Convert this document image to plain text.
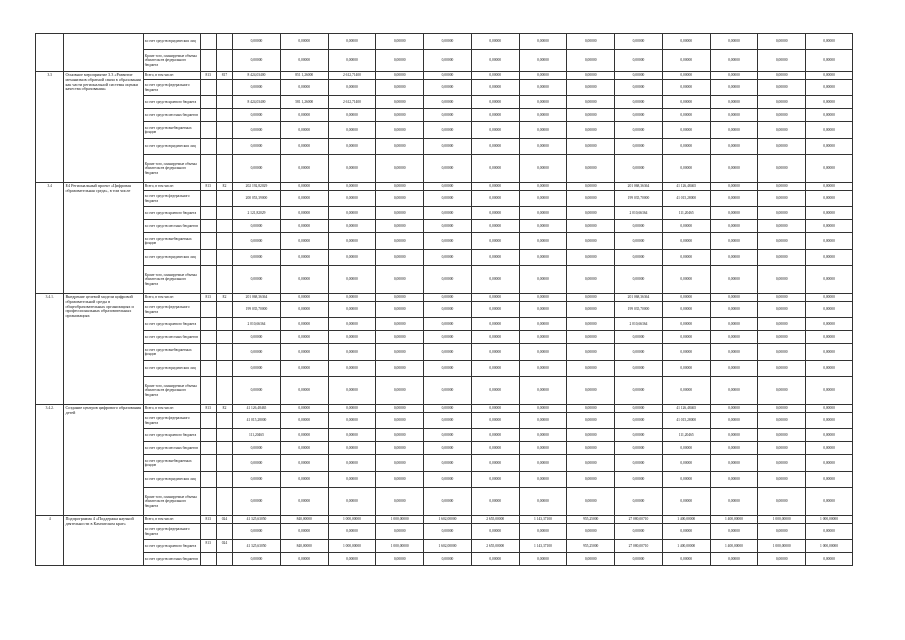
		за счет средств юридических лиц			0,00000	0,00000	0,00000	0,00000	0,00000	0,00000	0,00000	0,00000	0,00000	0,00000	0,00000	0,00000	0,00000
		Кроме того, планируемые объемы обязательств федерального бюджета			0,00000	0,00000	0,00000	0,00000	0,00000	0,00000	0,00000	0,00000	0,00000	0,00000	0,00000	0,00000	0,00000
3.3	Основное мероприятие 3.3 «Развитие механизмов обратной связи в образовании как части региональной системы оценки качества образования»	Всего, в том числе:	813	817	8 424,03400	851 1,26000	2 612,71400	0,00000	0,00000	0,00000	0,00000	0,00000	0,00000	0,00000	0,00000	0,00000	0,00000
		за счет средств федерального бюджета			0,00000	0,00000	0,00000	0,00000	0,00000	0,00000	0,00000	0,00000	0,00000	0,00000	0,00000	0,00000	0,00000
		за счет средств краевого бюджета			8 424,03400	581 1,26000	2 612,71400	0,00000	0,00000	0,00000	0,00000	0,00000	0,00000	0,00000	0,00000	0,00000	0,00000
		за счет средств местных бюджетов			0,00000	0,00000	0,00000	0,00000	0,00000	0,00000	0,00000	0,00000	0,00000	0,00000	0,00000	0,00000	0,00000
		за счет средств внебюджетных фондов			0,00000	0,00000	0,00000	0,00000	0,00000	0,00000	0,00000	0,00000	0,00000	0,00000	0,00000	0,00000	0,00000
		за счет средств юридических лиц			0,00000	0,00000	0,00000	0,00000	0,00000	0,00000	0,00000	0,00000	0,00000	0,00000	0,00000	0,00000	0,00000
		Кроме того, планируемые объемы обязательств федерального бюджета			0,00000	0,00000	0,00000	0,00000	0,00000	0,00000	0,00000	0,00000	0,00000	0,00000	0,00000	0,00000	0,00000
3.4	Е4 Региональный проект «Цифровая образовательная среда», в том числе	Всего, в том числе:	813	Е2	202 192,82029	0,00000	0,00000	0,00000	0,00000	0,00000	0,00000	0,00000	201 068,36364	41 126,48465	0,00000	0,00000	0,00000
		за счет средств федерального бюджета			200 053,39000	0,00000	0,00000	0,00000	0,00000	0,00000	0,00000	0,00000	199 035,70000	41 015,28000	0,00000	0,00000	0,00000
		за счет средств краевого бюджета			2 121,82029	0,00000	0,00000	0,00000	0,00000	0,00000	0,00000	0,00000	2 010,66364	111,20465	0,00000	0,00000	0,00000
		за счет средств местных бюджетов			0,00000	0,00000	0,00000	0,00000	0,00000	0,00000	0,00000	0,00000	0,00000	0,00000	0,00000	0,00000	0,00000
		за счет средств внебюджетных фондов			0,00000	0,00000	0,00000	0,00000	0,00000	0,00000	0,00000	0,00000	0,00000	0,00000	0,00000	0,00000	0,00000
		за счет средств юридических лиц			0,00000	0,00000	0,00000	0,00000	0,00000	0,00000	0,00000	0,00000	0,00000	0,00000	0,00000	0,00000	0,00000
		Кроме того, планируемые объемы обязательств федерального бюджета			0,00000	0,00000	0,00000	0,00000	0,00000	0,00000	0,00000	0,00000	0,00000	0,00000	0,00000	0,00000	0,00000
3.4.1.	Внедрение целевой модели цифровой образовательной среды в общеобразовательных организациях и профессиональных образовательных организациях	Всего, в том числе:	813	Е2	201 068,36364	0,00000	0,00000	0,00000	0,00000	0,00000	0,00000	0,00000	201 068,36364	0,00000	0,00000	0,00000	0,00000
		за счет средств федерального бюджета			199 035,70000	0,00000	0,00000	0,00000	0,00000	0,00000	0,00000	0,00000	199 035,70000	0,00000	0,00000	0,00000	0,00000
		за счет средств краевого бюджета			2 010,66364	0,00000	0,00000	0,00000	0,00000	0,00000	0,00000	0,00000	2 010,66364	0,00000	0,00000	0,00000	0,00000
		за счет средств местных бюджетов			0,00000	0,00000	0,00000	0,00000	0,00000	0,00000	0,00000	0,00000	0,00000	0,00000	0,00000	0,00000	0,00000
		за счет средств внебюджетных фондов			0,00000	0,00000	0,00000	0,00000	0,00000	0,00000	0,00000	0,00000	0,00000	0,00000	0,00000	0,00000	0,00000
		за счет средств юридических лиц			0,00000	0,00000	0,00000	0,00000	0,00000	0,00000	0,00000	0,00000	0,00000	0,00000	0,00000	0,00000	0,00000
		Кроме того, планируемые объемы обязательств федерального бюджета			0,00000	0,00000	0,00000	0,00000	0,00000	0,00000	0,00000	0,00000	0,00000	0,00000	0,00000	0,00000	0,00000
3.4.2.	Создание центров цифрового образования детей	Всего, в том числе:	813	Е2	41 126,48465	0,00000	0,00000	0,00000	0,00000	0,00000	0,00000	0,00000	0,00000	41 126,48465	0,00000	0,00000	0,00000
		за счет средств федерального бюджета			41 015,28000	0,00000	0,00000	0,00000	0,00000	0,00000	0,00000	0,00000	0,00000	41 015,28000	0,00000	0,00000	0,00000
		за счет средств краевого бюджета			111,20465	0,00000	0,00000	0,00000	0,00000	0,00000	0,00000	0,00000	0,00000	111,20465	0,00000	0,00000	0,00000
		за счет средств местных бюджетов			0,00000	0,00000	0,00000	0,00000	0,00000	0,00000	0,00000	0,00000	0,00000	0,00000	0,00000	0,00000	0,00000
		за счет средств внебюджетных фондов			0,00000	0,00000	0,00000	0,00000	0,00000	0,00000	0,00000	0,00000	0,00000	0,00000	0,00000	0,00000	0,00000
		за счет средств юридических лиц			0,00000	0,00000	0,00000	0,00000	0,00000	0,00000	0,00000	0,00000	0,00000	0,00000	0,00000	0,00000	0,00000
		Кроме того, планируемые объемы обязательств федерального бюджета			0,00000	0,00000	0,00000	0,00000	0,00000	0,00000	0,00000	0,00000	0,00000	0,00000	0,00000	0,00000	0,00000
4	Подпрограмма 4 «Поддержка научной деятельности в Камчатском крае»	Всего, в том числе:	813	024	41 325,63050	840,00000	1 000,00000	1 000,00000	1 602,00000	2 655,00000	1 143,37100	955,25000	27 080,00710	1 400,00000	1 400,00000	1 000,00000	1 000,00000
		за счет средств федерального бюджета			0,00000	0,00000	0,00000	0,00000	0,00000	0,00000	0,00000	0,00000	0,00000	0,00000	0,00000	0,00000	0,00000
		за счет средств краевого бюджета	813	024	41 325,63050	840,00000	1 000,00000	1 000,00000	1 602,00000	2 655,00000	1 143,37100	955,25000	27 080,00710	1 400,00000	1 400,00000	1 000,00000	1 000,00000
		за счет средств местных бюджетов			0,00000	0,00000	0,00000	0,00000	0,00000	0,00000	0,00000	0,00000	0,00000	0,00000	0,00000	0,00000	0,00000
